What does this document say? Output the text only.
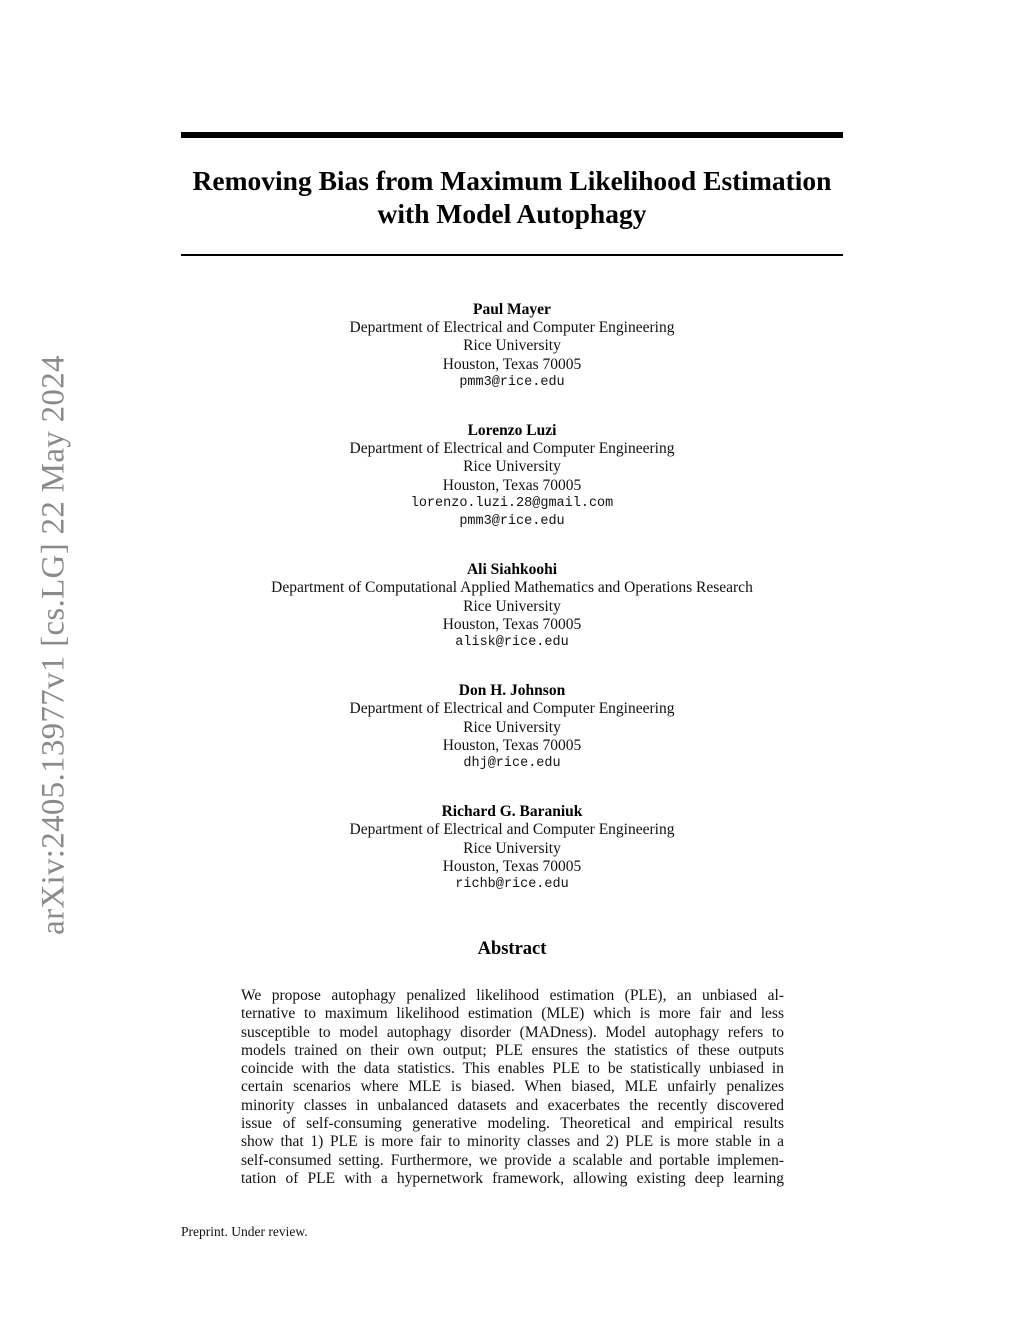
arXiv:2405.13977v1 [cs.LG] 22 May 2024
Removing Bias from Maximum Likelihood Estimation
with Model Autophagy
Paul Mayer
Department of Electrical and Computer Engineering
Rice University
Houston, Texas 70005
pmm3@rice.edu
Lorenzo Luzi
Department of Electrical and Computer Engineering
Rice University
Houston, Texas 70005
lorenzo.luzi.28@gmail.com
pmm3@rice.edu
Ali Siahkoohi
Department of Computational Applied Mathematics and Operations Research
Rice University
Houston, Texas 70005
alisk@rice.edu
Don H. Johnson
Department of Electrical and Computer Engineering
Rice University
Houston, Texas 70005
dhj@rice.edu
Richard G. Baraniuk
Department of Electrical and Computer Engineering
Rice University
Houston, Texas 70005
richb@rice.edu
Abstract
We propose autophagy penalized likelihood estimation (PLE), an unbiased al-
ternative to maximum likelihood estimation (MLE) which is more fair and less
susceptible to model autophagy disorder (MADness). Model autophagy refers to
models trained on their own output; PLE ensures the statistics of these outputs
coincide with the data statistics. This enables PLE to be statistically unbiased in
certain scenarios where MLE is biased. When biased, MLE unfairly penalizes
minority classes in unbalanced datasets and exacerbates the recently discovered
issue of self-consuming generative modeling. Theoretical and empirical results
show that 1) PLE is more fair to minority classes and 2) PLE is more stable in a
self-consumed setting. Furthermore, we provide a scalable and portable implemen-
tation of PLE with a hypernetwork framework, allowing existing deep learning
Preprint. Under review.
